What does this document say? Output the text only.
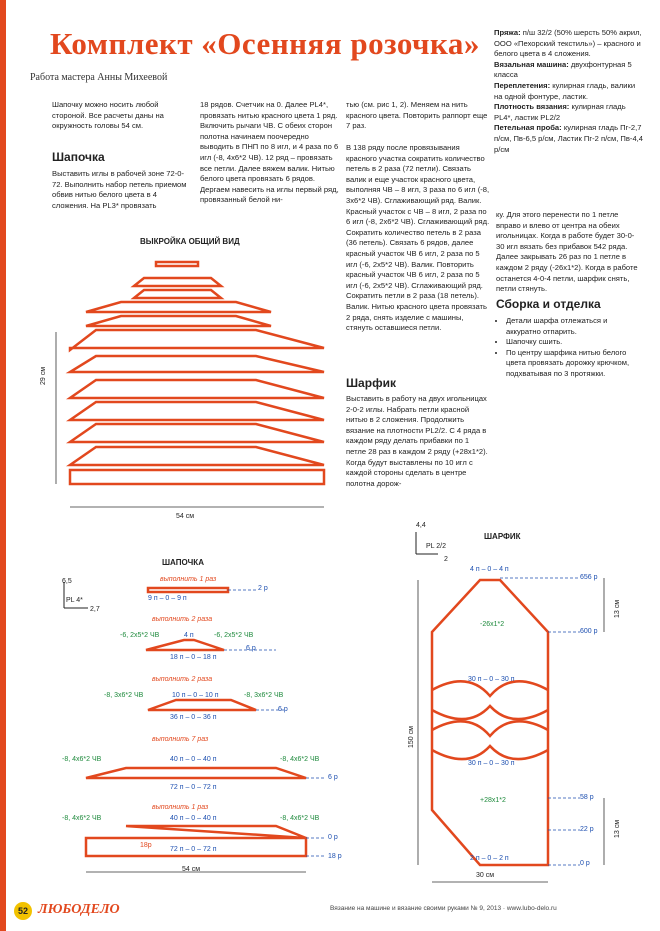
Комплект «Осенняя розочка»
Работа мастера Анны Михеевой
Шапочку можно носить любой стороной. Все расчеты даны на окружность головы 54 см.
Шапочка
Выставить иглы в рабочей зоне 72-0-72. Выполнить набор петель приемом обвив нитью белого цвета в 4 сложения. На PL3* провязать
18 рядов. Счетчик на 0. Далее PL4*, провязать нитью красного цвета 1 ряд. Включить рычаги ЧВ. С обеих сторон полотна начинаем поочередно выводить в ПНП по 8 игл, и 4 раза по 6 игл (-8, 4х6*2 ЧВ). 12 ряд – провязать все петли. Далее вяжем валик. Нитью белого цвета провязать 6 рядов. Дергаем навесить на иглы первый ряд, провязанный белой ни-
тью (см. рис 1, 2). Меняем на нить красного цвета. Повторить раппорт еще 7 раз.
В 138 ряду после провязывания красного участка сократить количество петель в 2 раза (72 петли). Связать валик и еще участок красного цвета, выполняя ЧВ – 8 игл, 3 раза по 6 игл (-8, 3х6*2 ЧВ). Сглаживающий ряд. Валик. Красный участок с ЧВ – 8 игл, 2 раза по 6 игл (-8, 2х6*2 ЧВ). Сглаживающий ряд. Сократить количество петель в 2 раза (36 петель). Связать 6 рядов, далее красный участок ЧВ 6 игл, 2 раза по 5 игл (-6, 2х5*2 ЧВ). Валик. Повторить красный участок ЧВ 6 игл, 2 раза по 5 игл (-6, 2х5*2 ЧВ). Сглаживающий ряд. Сократить петли в 2 раза (18 петель). Валик. Нитью красного цвета провязать 2 ряда, снять изделие с машины, стянуть оставшиеся петли.
Шарфик
Выставить в работу на двух игольницах 2-0-2 иглы. Набрать петли красной нитью в 2 сложения. Продолжить вязание на плотности PL2/2. С 4 ряда в каждом ряду делать прибавки по 1 петле 28 раз в каждом 2 ряду (+28х1*2). Когда будут выставлены по 10 игл с каждой стороны сделать в центре полотна дорож-
ку. Для этого перенести по 1 петле вправо и влево от центра на обеих игольницах. Когда в работе будет 30-0-30 игл вязать без прибавок 542 ряда. Далее закрывать 26 раз по 1 петле в каждом 2 ряду (-26х1*2). Когда в работе останется 4-0-4 петли, шарфик снять, петли стянуть.
Сборка и отделка
• Детали шарфа отлежаться и аккуратно отпарить.
• Шапочку сшить.
• По центру шарфика нитью белого цвета провязать дорожку крючком, подхватывая по 3 протяжки.
Пряжа: п/ш 32/2 (50% шерсть 50% акрил, ООО «Пехорский текстиль») – красного и белого цвета в 4 сложения.
Вязальная машина: двухфонтурная 5 класса
Переплетения: кулирная гладь, валики на одной фонтуре, ластик.
Плотность вязания: кулирная гладь PL4*, ластик PL2/2
Петельная проба: кулирная гладь Пг-2,7 п/см, Пв-6,5 р/см, Ластик Пг-2 п/см, Пв-4,4 р/см
ВЫКРОЙКА ОБЩИЙ ВИД
29 см
54 см
ШАПОЧКА
6,5
PL 4*
2,7
выполнить 1 раз
9 п – 0 – 9 п
2 р
выполнить 2 раза
4 п
-6, 2х5*2 ЧВ	-6, 2х5*2 ЧВ
18 п – 0 – 18 п
6 р
выполнить 2 раза
10 п – 0 – 10 п
-8, 3х6*2 ЧВ	-8, 3х6*2 ЧВ
36 п – 0 – 36 п
6 р
выполнить 7 раз
40 п – 0 – 40 п
-8, 4х6*2 ЧВ	-8, 4х6*2 ЧВ
72 п – 0 – 72 п
6 р
выполнить 1 раз
40 п – 0 – 40 п
-8, 4х6*2 ЧВ	-8, 4х6*2 ЧВ
72 п – 0 – 72 п
0 р
18 р
18р
54 см
ШАРФИК
4,4
PL 2/2
2
4 п – 0 – 4 п
-26х1*2
30 п – 0 – 30 п
30 п – 0 – 30 п
+28х1*2
2 п – 0 – 2 п
656 р
600 р
58 р
22 р
0 р
150 см
13 см
13 см
30 см
52 ЛЮБОДЕЛО	Вязание на машине и вязание своими руками № 9, 2013 · www.lubo-delo.ru
